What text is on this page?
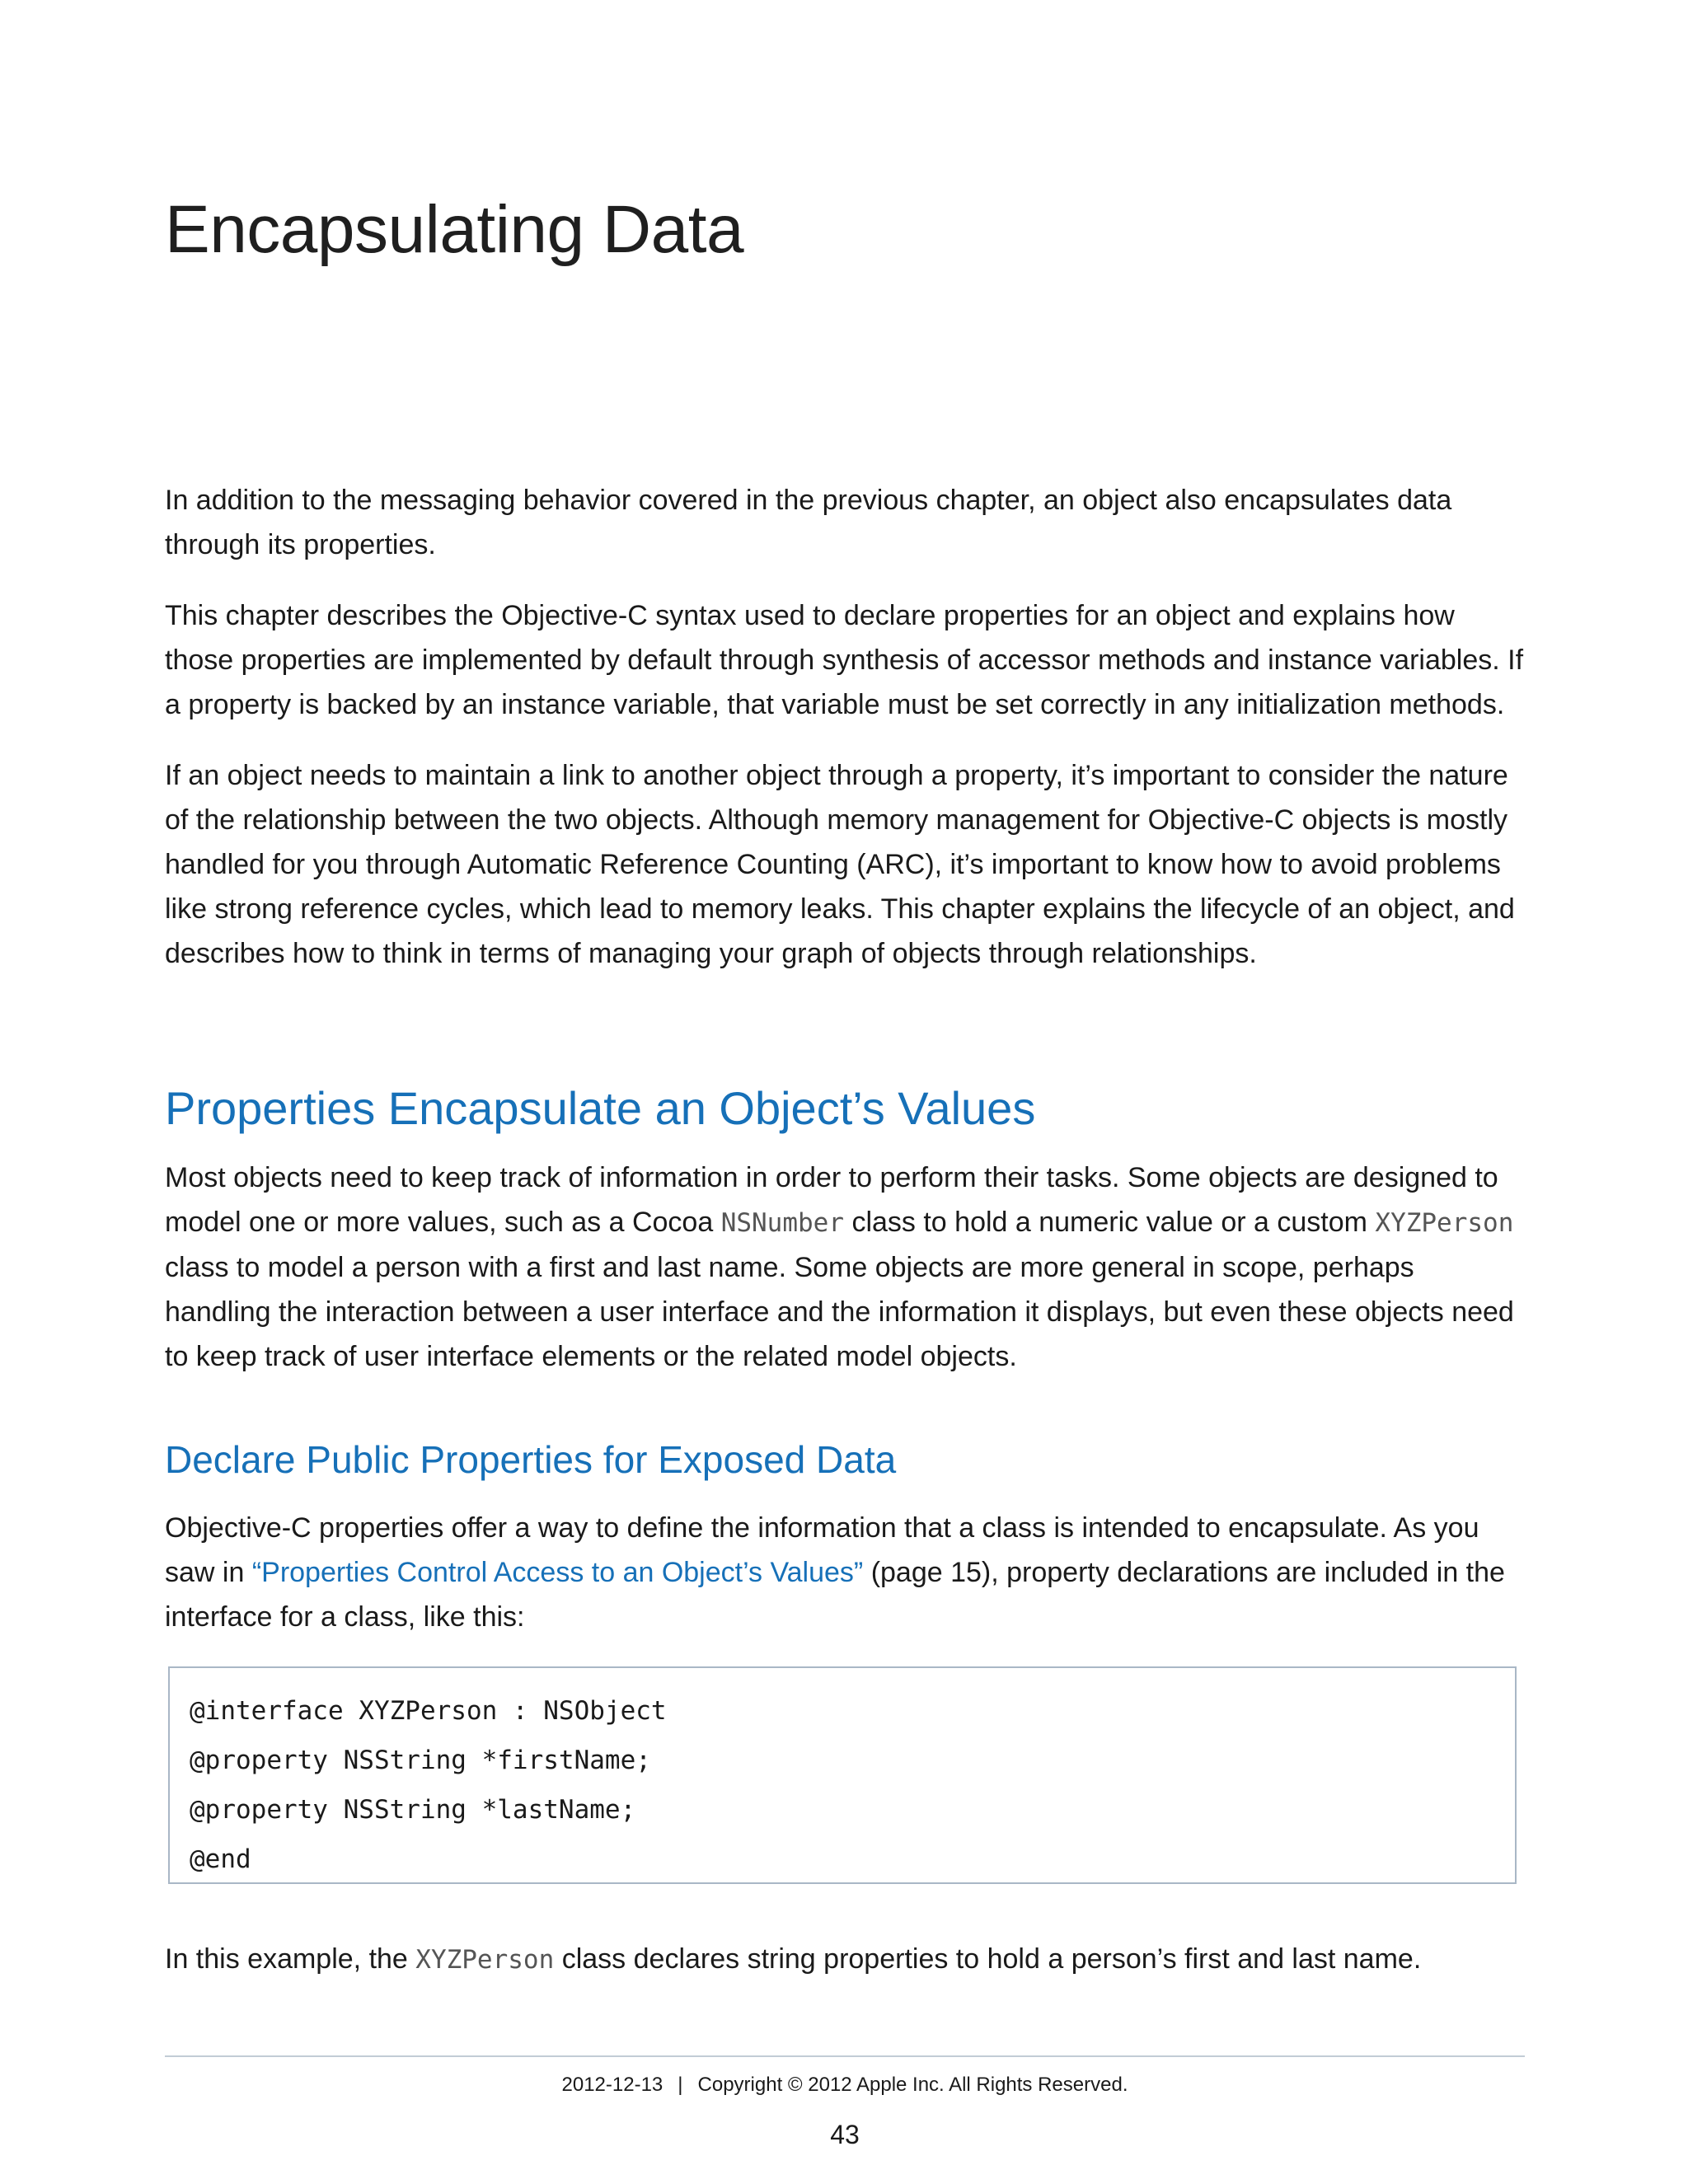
Encapsulating Data

In addition to the messaging behavior covered in the previous chapter, an object also encapsulates data through its properties.

This chapter describes the Objective-C syntax used to declare properties for an object and explains how those properties are implemented by default through synthesis of accessor methods and instance variables. If a property is backed by an instance variable, that variable must be set correctly in any initialization methods.

If an object needs to maintain a link to another object through a property, it’s important to consider the nature of the relationship between the two objects. Although memory management for Objective-C objects is mostly handled for you through Automatic Reference Counting (ARC), it’s important to know how to avoid problems like strong reference cycles, which lead to memory leaks. This chapter explains the lifecycle of an object, and describes how to think in terms of managing your graph of objects through relationships.

Properties Encapsulate an Object’s Values

Most objects need to keep track of information in order to perform their tasks. Some objects are designed to model one or more values, such as a Cocoa NSNumber class to hold a numeric value or a custom XYZPerson class to model a person with a first and last name. Some objects are more general in scope, perhaps handling the interaction between a user interface and the information it displays, but even these objects need to keep track of user interface elements or the related model objects.

Declare Public Properties for Exposed Data

Objective-C properties offer a way to define the information that a class is intended to encapsulate. As you saw in “Properties Control Access to an Object’s Values” (page 15), property declarations are included in the interface for a class, like this:

@interface XYZPerson : NSObject
@property NSString *firstName;
@property NSString *lastName;
@end

In this example, the XYZPerson class declares string properties to hold a person’s first and last name.

2012-12-13 | Copyright © 2012 Apple Inc. All Rights Reserved.
43
